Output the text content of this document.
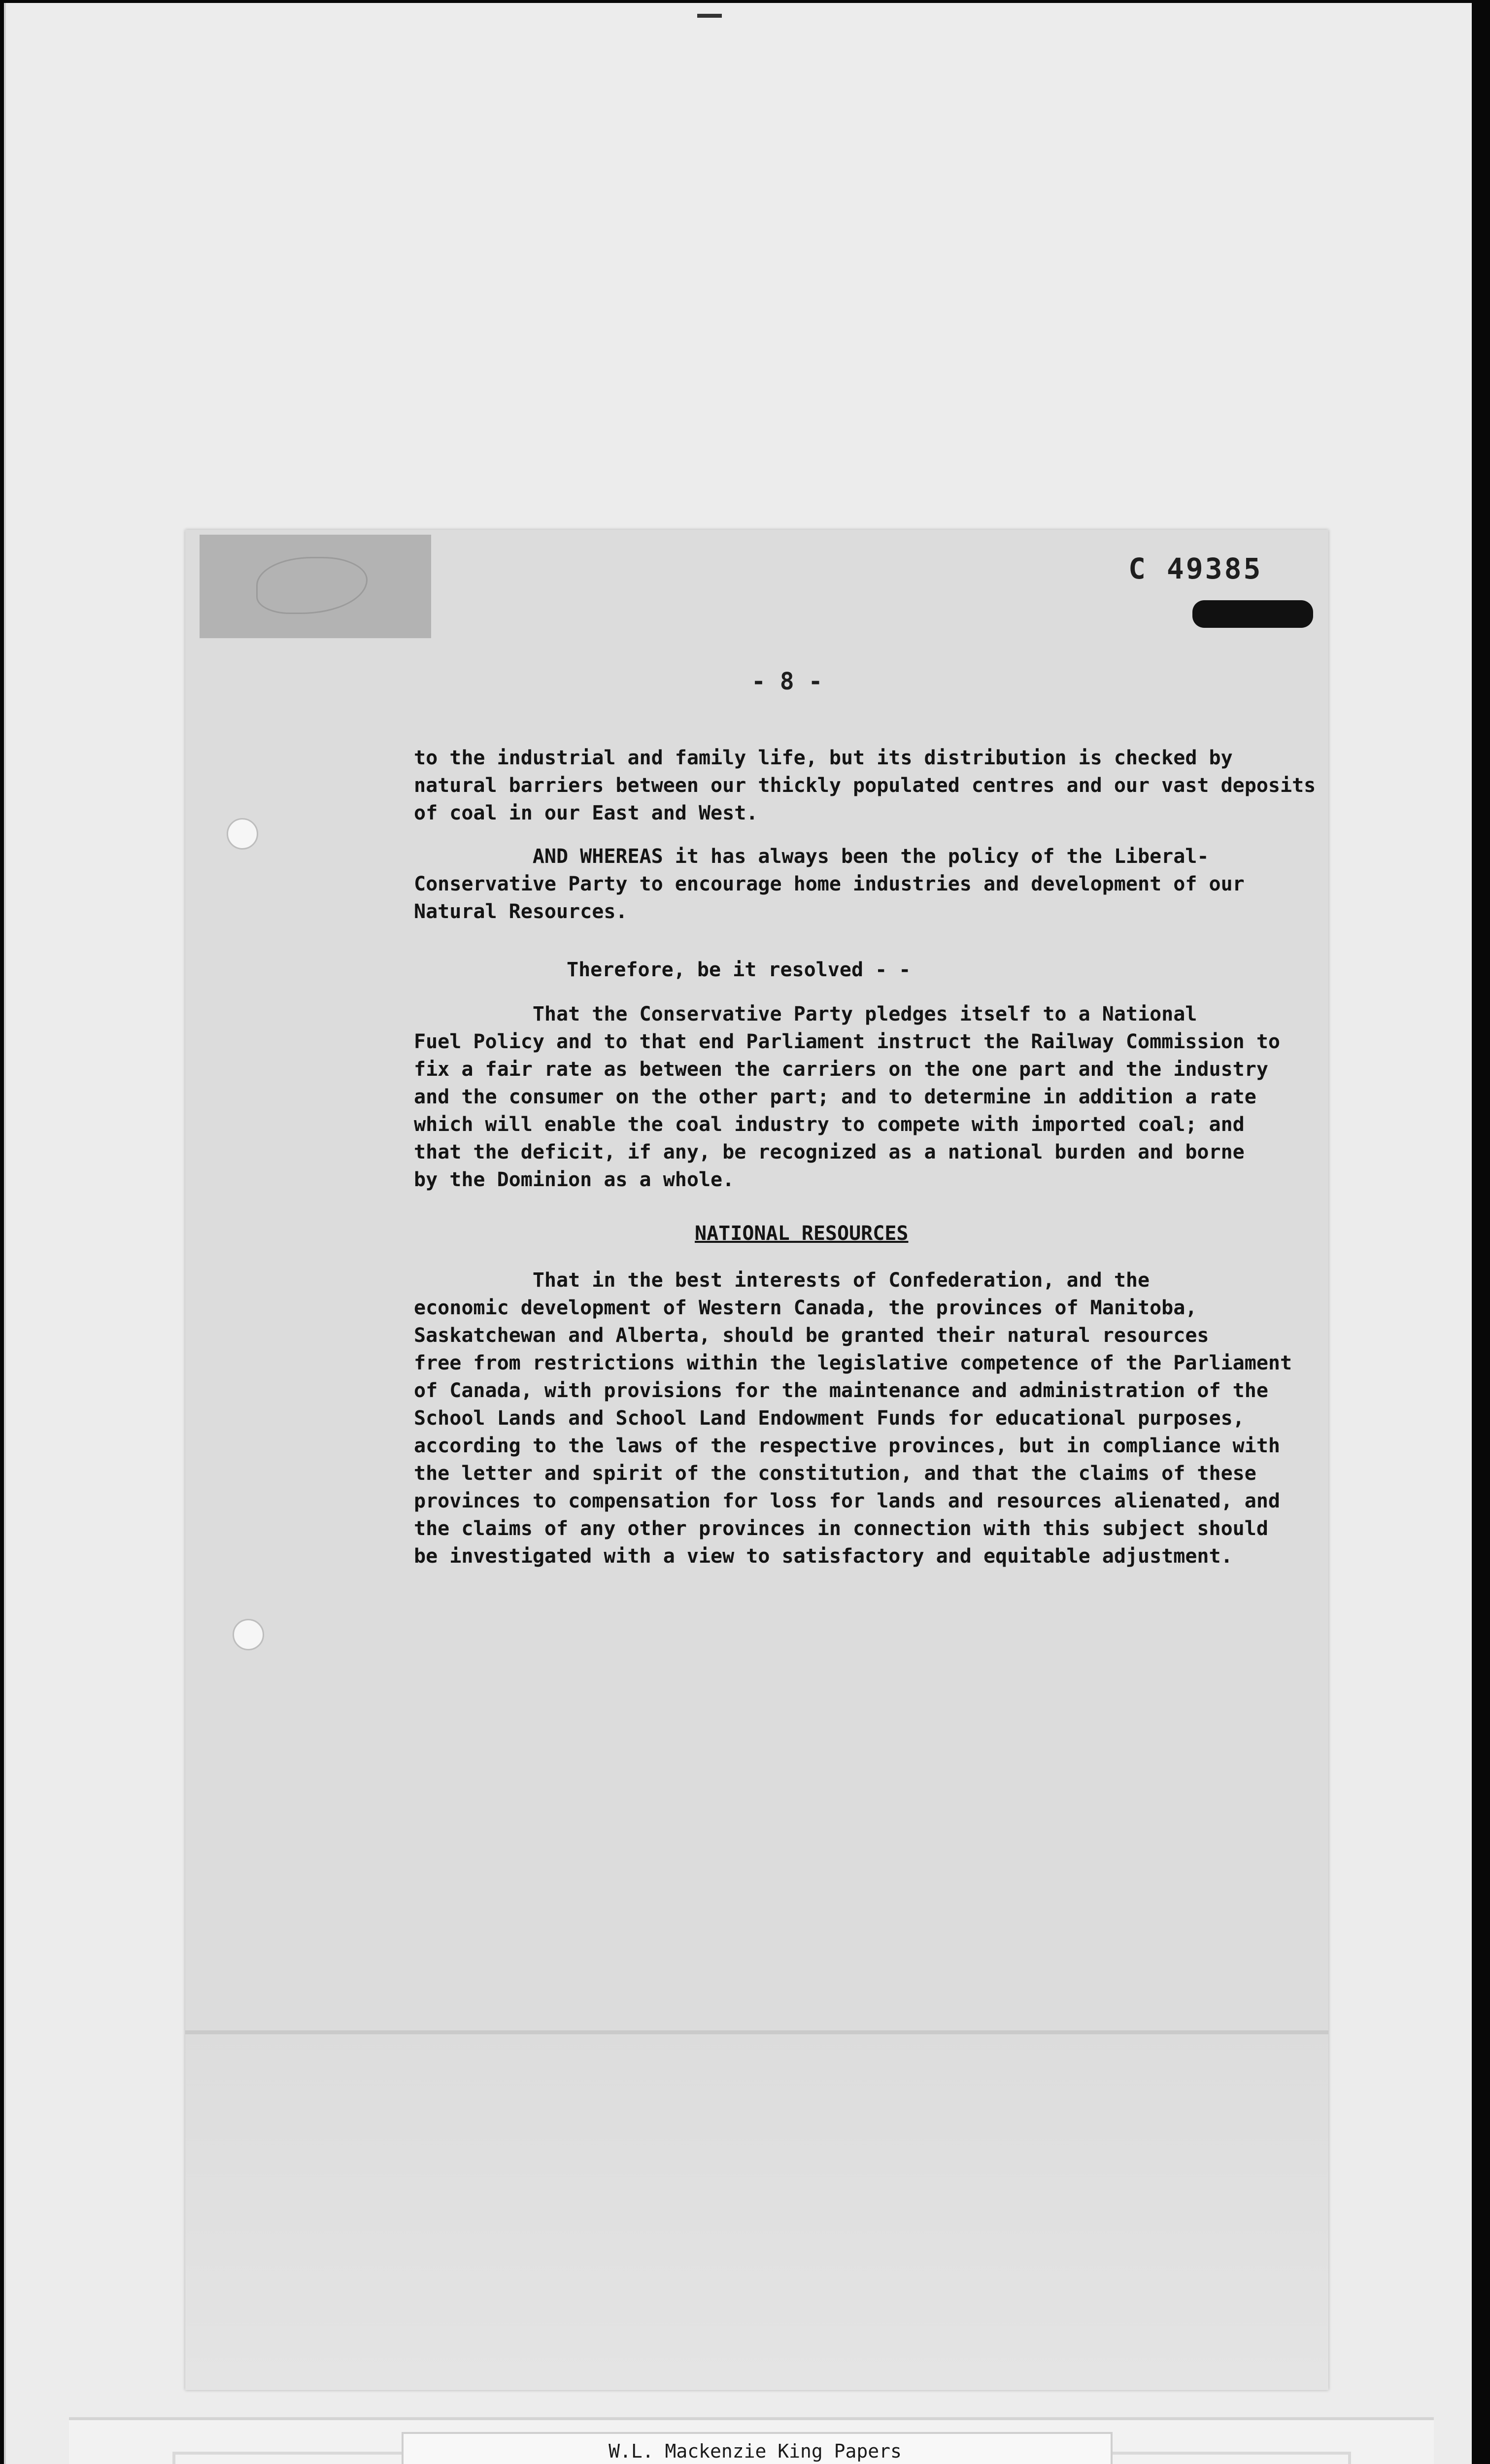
C 49385
- 8 -
to the industrial and family life, but its distribution is checked by
natural barriers between our thickly populated centres and our vast deposits
of coal in our East and West.
AND WHEREAS it has always been the policy of the Liberal-
Conservative Party to encourage home industries and development of our
Natural Resources.
Therefore, be it resolved - -
That the Conservative Party pledges itself to a National
Fuel Policy and to that end Parliament instruct the Railway Commission to
fix a fair rate as between the carriers on the one part and the industry
and the consumer on the other part; and to determine in addition a rate
which will enable the coal industry to compete with imported coal; and
that the deficit, if any, be recognized as a national burden and borne
by the Dominion as a whole.
NATIONAL RESOURCES
That in the best interests of Confederation, and the
economic development of Western Canada, the provinces of Manitoba,
Saskatchewan and Alberta, should be granted their natural resources
free from restrictions within the legislative competence of the Parliament
of Canada, with provisions for the maintenance and administration of the
School Lands and School Land Endowment Funds for educational purposes,
according to the laws of the respective provinces, but in compliance with
the letter and spirit of the constitution, and that the claims of these
provinces to compensation for loss for lands and resources alienated, and
the claims of any other provinces in connection with this subject should
be investigated with a view to satisfactory and equitable adjustment.
W.L. Mackenzie King Papers
